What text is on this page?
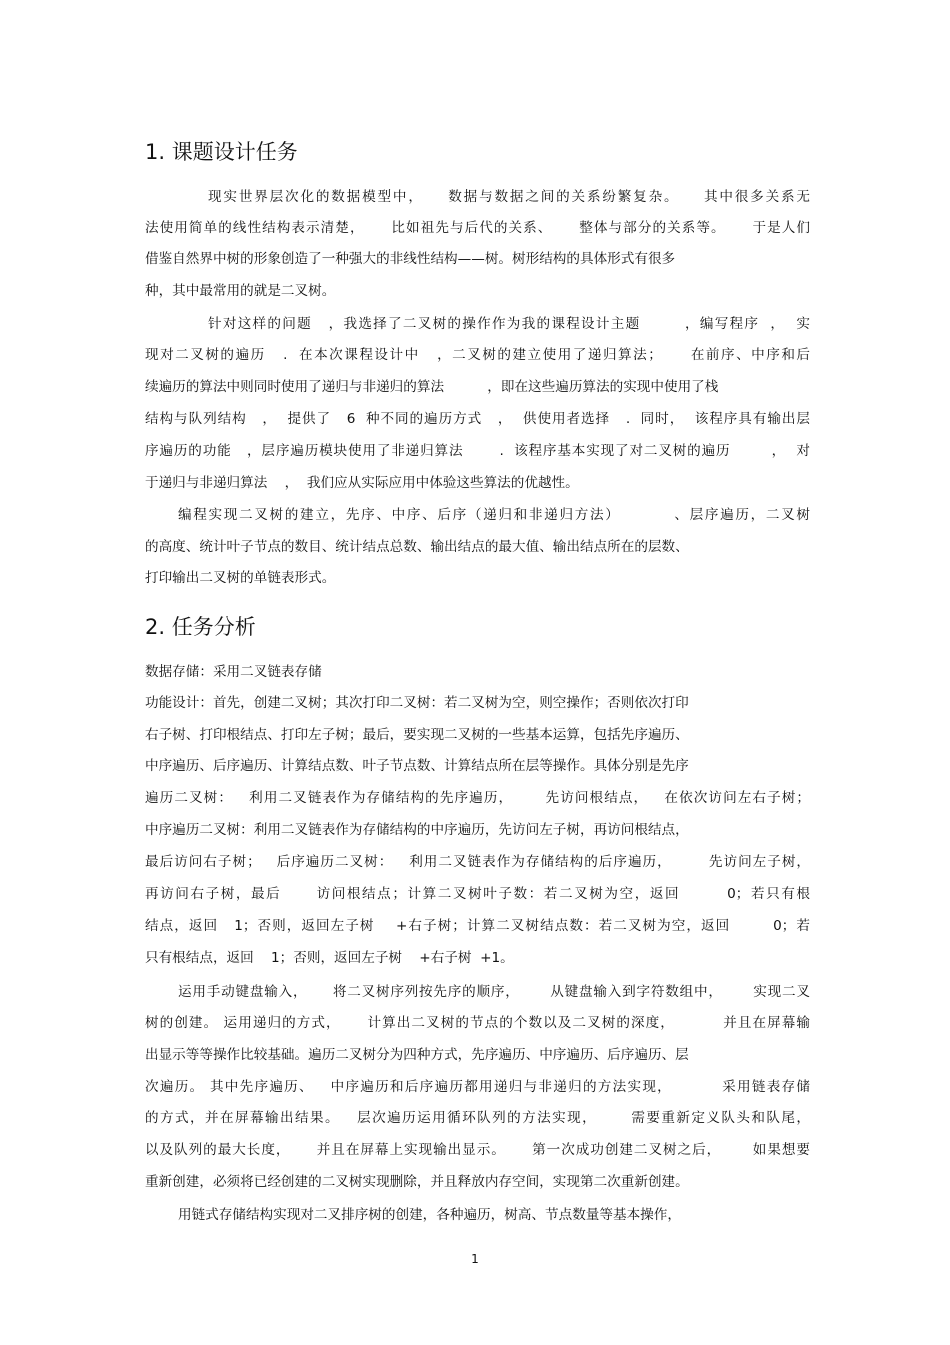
1. 课题设计任务
现实世界层次化的数据模型中，    数据与数据之间的关系纷繁复杂。    其中很多关系无
法使用简单的线性结构表示清楚，     比如祖先与后代的关系、     整体与部分的关系等。     于是人们
借鉴自然界中树的形象创造了一种强大的非线性结构——树。树形结构的具体形式有很多
种，其中最常用的就是二叉树。
针对这样的问题   ，我选择了二叉树的操作作为我的课程设计主题        ，编写程序  ，  实
现对二叉树的遍历   .  在本次课程设计中   ，二叉树的建立使用了递归算法；     在前序、中序和后
续遍历的算法中则同时使用了递归与非递归的算法          ，即在这些遍历算法的实现中使用了栈
结构与队列结构   ，  提供了   6  种不同的遍历方式   ，  供使用者选择   .  同时，  该程序具有输出层
序遍历的功能   ，层序遍历模块使用了非递归算法       .  该程序基本实现了对二叉树的遍历        ，  对
于递归与非递归算法    ，  我们应从实际应用中体验这些算法的优越性。
编程实现二叉树的建立，先序、中序、后序（递归和非递归方法）         、层序遍历，二叉树
的高度、统计叶子节点的数目、统计结点总数、输出结点的最大值、输出结点所在的层数、
打印输出二叉树的单链表形式。
2. 任务分析
数据存储：采用二叉链表存储
功能设计：首先，创建二叉树；其次打印二叉树：若二叉树为空，则空操作；否则依次打印
右子树、打印根结点、打印左子树；最后，要实现二叉树的一些基本运算，包括先序遍历、
中序遍历、后序遍历、计算结点数、叶子节点数、计算结点所在层等操作。具体分别是先序
遍历二叉树：   利用二叉链表作为存储结构的先序遍历，      先访问根结点，   在依次访问左右子树；
中序遍历二叉树：利用二叉链表作为存储结构的中序遍历，先访问左子树，再访问根结点，
最后访问右子树；   后序遍历二叉树：   利用二叉链表作为存储结构的后序遍历，       先访问左子树，
再访问右子树，最后      访问根结点；计算二叉树叶子数：若二叉树为空，返回        0；若只有根
结点，返回   1；否则，返回左子树    +右子树；计算二叉树结点数：若二叉树为空，返回        0；若
只有根结点，返回    1；否则，返回左子树    +右子树  +1。
运用手动键盘输入，     将二叉树序列按先序的顺序，      从键盘输入到字符数组中，      实现二叉
树的创建。 运用递归的方式，     计算出二叉树的节点的个数以及二叉树的深度，         并且在屏幕输
出显示等等操作比较基础。遍历二叉树分为四种方式，先序遍历、中序遍历、后序遍历、层
次遍历。 其中先序遍历、   中序遍历和后序遍历都用递归与非递归的方法实现，         采用链表存储
的方式，并在屏幕输出结果。   层次遍历运用循环队列的方法实现，      需要重新定义队头和队尾，
以及队列的最大长度，     并且在屏幕上实现输出显示。     第一次成功创建二叉树之后，      如果想要
重新创建，必须将已经创建的二叉树实现删除，并且释放内存空间，实现第二次重新创建。
用链式存储结构实现对二叉排序树的创建，各种遍历，树高、节点数量等基本操作，
1
